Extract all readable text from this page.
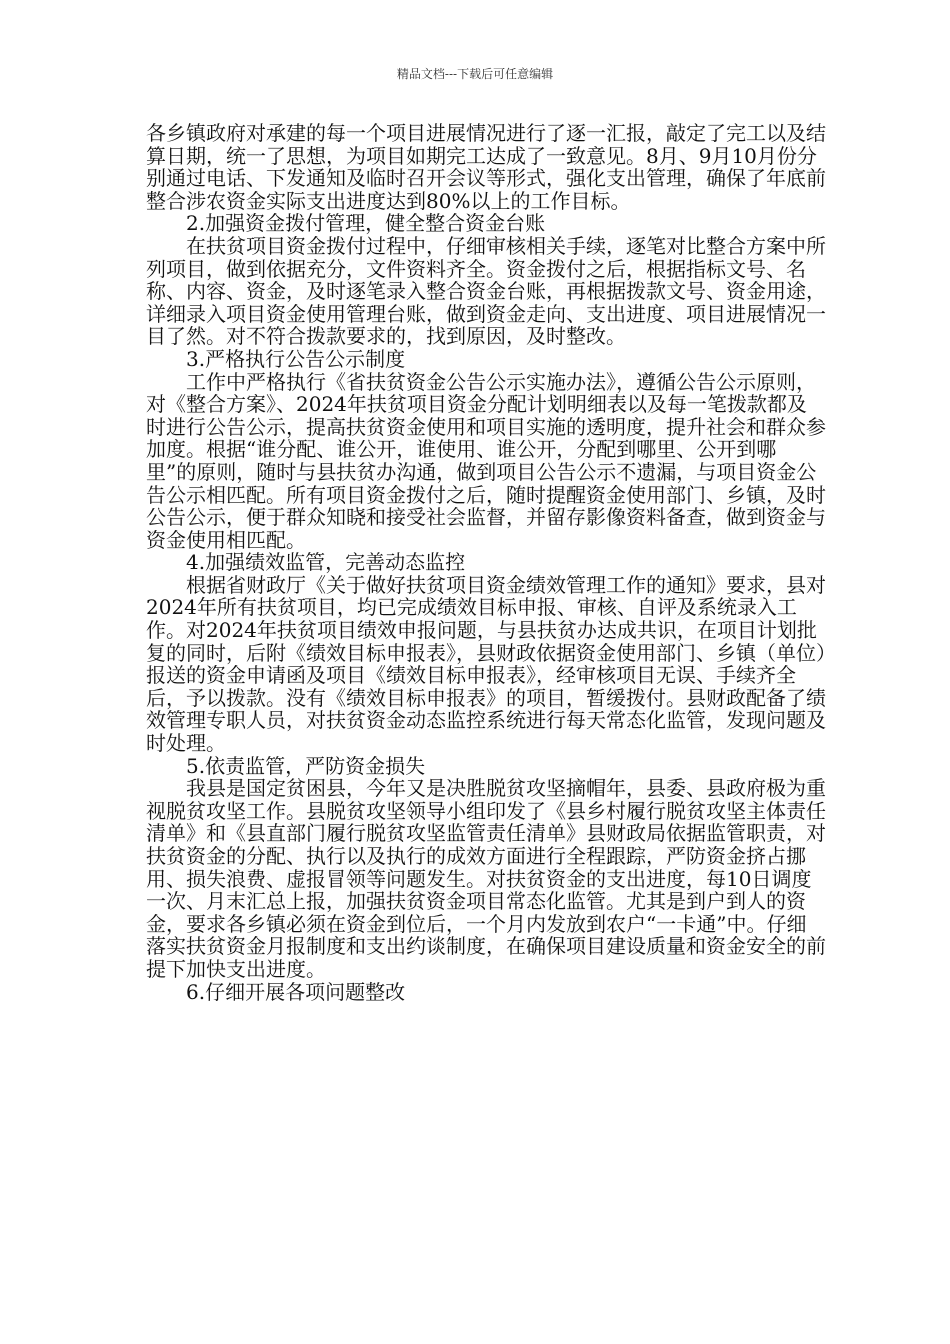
精品文档---下载后可任意编辑

各乡镇政府对承建的每一个项目进展情况进行了逐一汇报，敲定了完工以及结算日期，统一了思想，为项目如期完工达成了一致意见。8月、9月10月份分别通过电话、下发通知及临时召开会议等形式，强化支出管理，确保了年底前整合涉农资金实际支出进度达到80%以上的工作目标。

2.加强资金拨付管理，健全整合资金台账

在扶贫项目资金拨付过程中，仔细审核相关手续，逐笔对比整合方案中所列项目，做到依据充分，文件资料齐全。资金拨付之后，根据指标文号、名称、内容、资金，及时逐笔录入整合资金台账，再根据拨款文号、资金用途，详细录入项目资金使用管理台账，做到资金走向、支出进度、项目进展情况一目了然。对不符合拨款要求的，找到原因，及时整改。

3.严格执行公告公示制度

工作中严格执行《省扶贫资金公告公示实施办法》，遵循公告公示原则，对《整合方案》、2024年扶贫项目资金分配计划明细表以及每一笔拨款都及时进行公告公示，提高扶贫资金使用和项目实施的透明度，提升社会和群众参加度。根据“谁分配、谁公开，谁使用、谁公开，分配到哪里、公开到哪里”的原则，随时与县扶贫办沟通，做到项目公告公示不遗漏，与项目资金公告公示相匹配。所有项目资金拨付之后，随时提醒资金使用部门、乡镇，及时公告公示，便于群众知晓和接受社会监督，并留存影像资料备查，做到资金与资金使用相匹配。

4.加强绩效监管，完善动态监控

根据省财政厅《关于做好扶贫项目资金绩效管理工作的通知》要求，县对2024年所有扶贫项目，均已完成绩效目标申报、审核、自评及系统录入工作。对2024年扶贫项目绩效申报问题，与县扶贫办达成共识，在项目计划批复的同时，后附《绩效目标申报表》，县财政依据资金使用部门、乡镇（单位）报送的资金申请函及项目《绩效目标申报表》，经审核项目无误、手续齐全后，予以拨款。没有《绩效目标申报表》的项目，暂缓拨付。县财政配备了绩效管理专职人员，对扶贫资金动态监控系统进行每天常态化监管，发现问题及时处理。

5.依责监管，严防资金损失

我县是国定贫困县，今年又是决胜脱贫攻坚摘帽年，县委、县政府极为重视脱贫攻坚工作。县脱贫攻坚领导小组印发了《县乡村履行脱贫攻坚主体责任清单》和《县直部门履行脱贫攻坚监管责任清单》县财政局依据监管职责，对扶贫资金的分配、执行以及执行的成效方面进行全程跟踪，严防资金挤占挪用、损失浪费、虚报冒领等问题发生。对扶贫资金的支出进度，每10日调度一次、月末汇总上报，加强扶贫资金项目常态化监管。尤其是到户到人的资金，要求各乡镇必须在资金到位后，一个月内发放到农户“一卡通”中。仔细落实扶贫资金月报制度和支出约谈制度，在确保项目建设质量和资金安全的前提下加快支出进度。

6.仔细开展各项问题整改
